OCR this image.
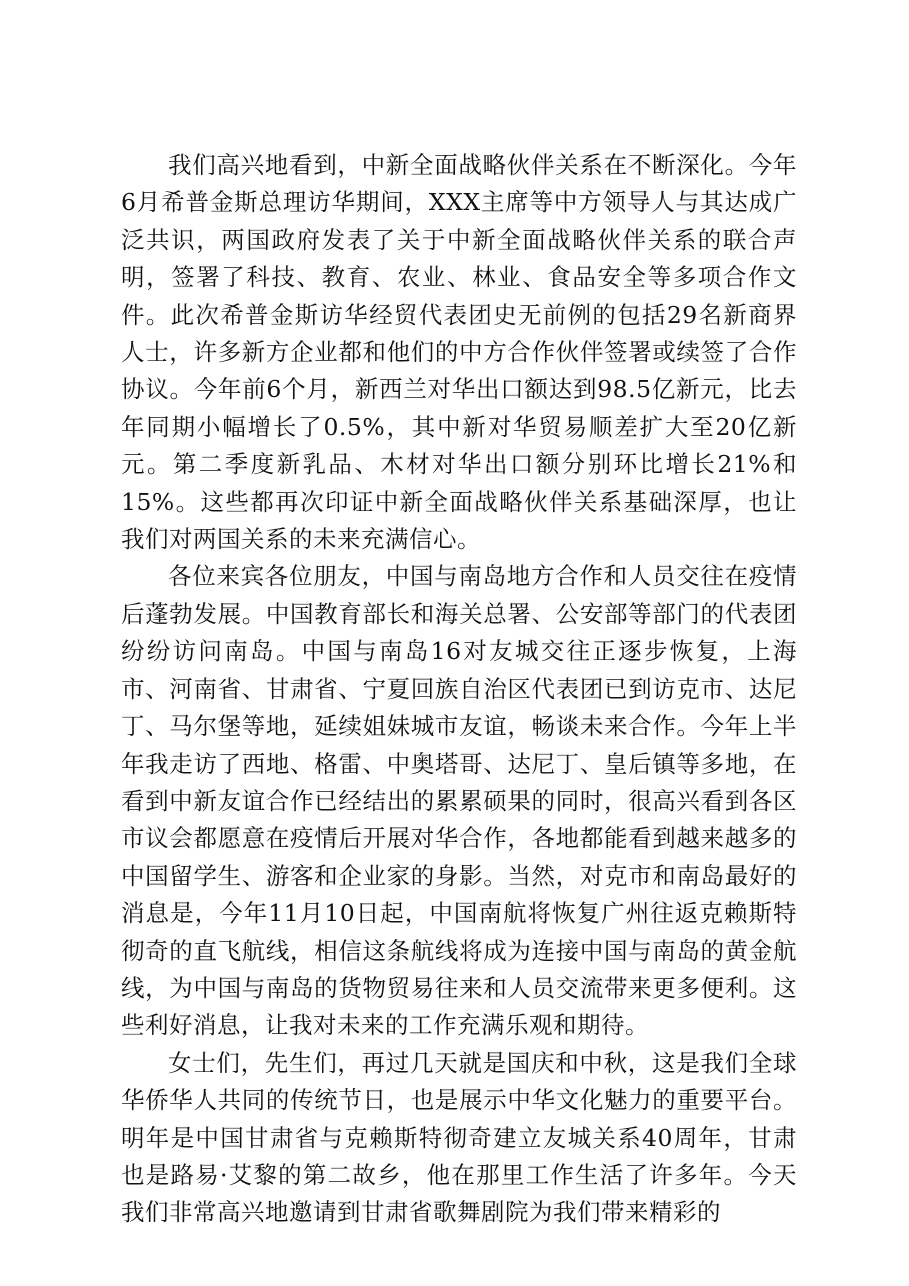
我们高兴地看到，中新全面战略伙伴关系在不断深化。今年6月希普金斯总理访华期间，XXX主席等中方领导人与其达成广泛共识，两国政府发表了关于中新全面战略伙伴关系的联合声明，签署了科技、教育、农业、林业、食品安全等多项合作文件。此次希普金斯访华经贸代表团史无前例的包括29名新商界人士，许多新方企业都和他们的中方合作伙伴签署或续签了合作协议。今年前6个月，新西兰对华出口额达到98.5亿新元，比去年同期小幅增长了0.5%，其中新对华贸易顺差扩大至20亿新元。第二季度新乳品、木材对华出口额分别环比增长21%和15%。这些都再次印证中新全面战略伙伴关系基础深厚，也让我们对两国关系的未来充满信心。

各位来宾各位朋友，中国与南岛地方合作和人员交往在疫情后蓬勃发展。中国教育部长和海关总署、公安部等部门的代表团纷纷访问南岛。中国与南岛16对友城交往正逐步恢复，上海市、河南省、甘肃省、宁夏回族自治区代表团已到访克市、达尼丁、马尔堡等地，延续姐妹城市友谊，畅谈未来合作。今年上半年我走访了西地、格雷、中奥塔哥、达尼丁、皇后镇等多地，在看到中新友谊合作已经结出的累累硕果的同时，很高兴看到各区市议会都愿意在疫情后开展对华合作，各地都能看到越来越多的中国留学生、游客和企业家的身影。当然，对克市和南岛最好的消息是，今年11月10日起，中国南航将恢复广州往返克赖斯特彻奇的直飞航线，相信这条航线将成为连接中国与南岛的黄金航线，为中国与南岛的货物贸易往来和人员交流带来更多便利。这些利好消息，让我对未来的工作充满乐观和期待。

女士们，先生们，再过几天就是国庆和中秋，这是我们全球华侨华人共同的传统节日，也是展示中华文化魅力的重要平台。明年是中国甘肃省与克赖斯特彻奇建立友城关系40周年，甘肃也是路易·艾黎的第二故乡，他在那里工作生活了许多年。今天我们非常高兴地邀请到甘肃省歌舞剧院为我们带来精彩的
